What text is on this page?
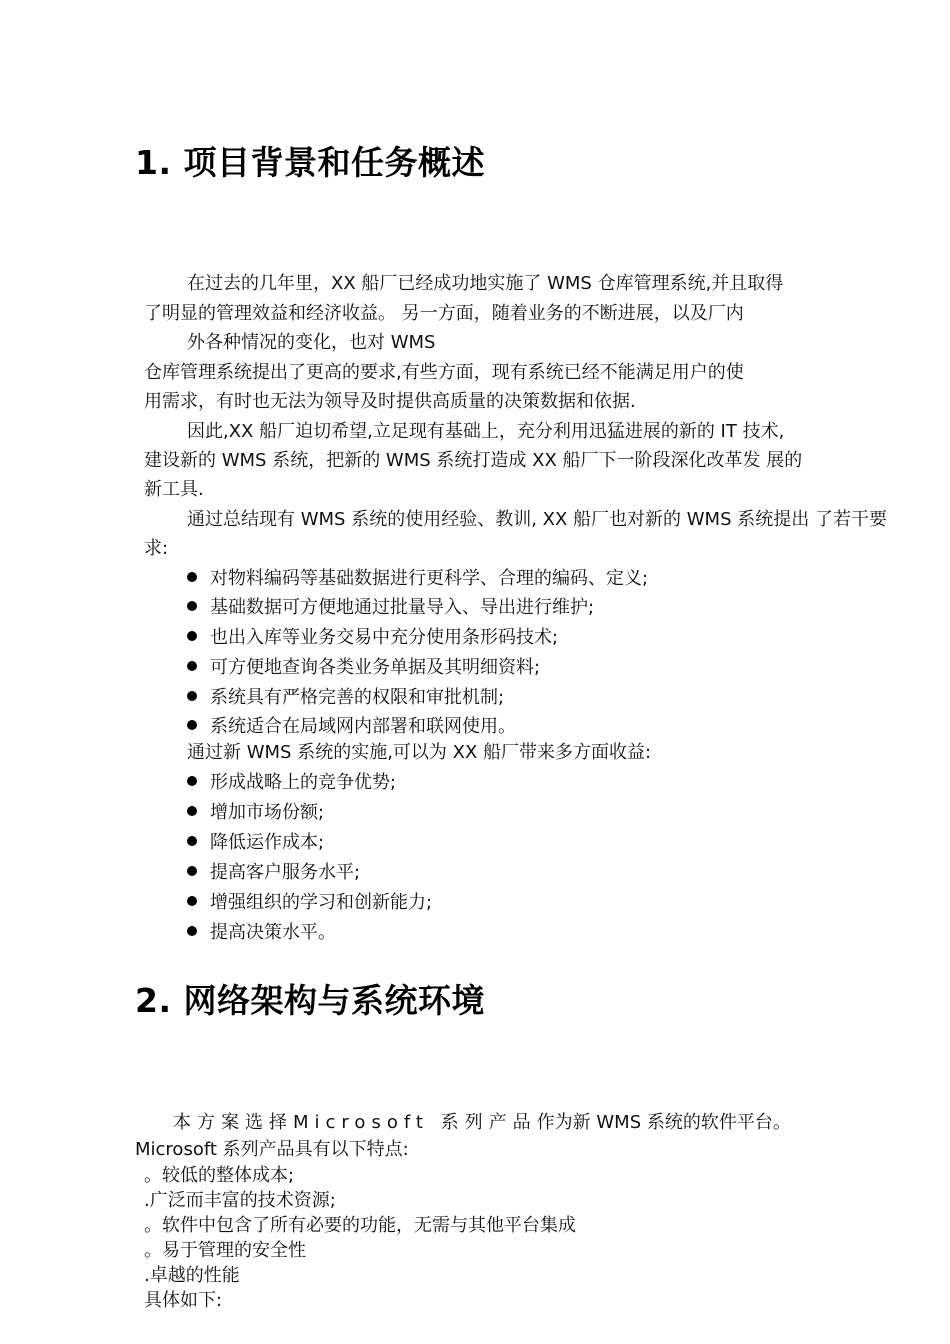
1. 项目背景和任务概述
在过去的几年里，XX 船厂已经成功地实施了 WMS 仓库管理系统,并且取得
了明显的管理效益和经济收益。 另一方面，随着业务的不断进展，以及厂内
外各种情况的变化，也对 WMS
仓库管理系统提出了更高的要求,有些方面，现有系统已经不能满足用户的使
用需求，有时也无法为领导及时提供高质量的决策数据和依据.
因此,XX 船厂迫切希望,立足现有基础上，充分利用迅猛进展的新的 IT 技术,
建设新的 WMS 系统，把新的 WMS 系统打造成 XX 船厂下一阶段深化改革发 展的
新工具.
通过总结现有 WMS 系统的使用经验、教训, XX 船厂也对新的 WMS 系统提出 了若干要
求:
对物料编码等基础数据进行更科学、合理的编码、定义;
基础数据可方便地通过批量导入、导出进行维护;
也出入库等业务交易中充分使用条形码技术;
可方便地查询各类业务单据及其明细资料;
系统具有严格完善的权限和审批机制;
系统适合在局域网内部署和联网使用。
通过新 WMS 系统的实施,可以为 XX 船厂带来多方面收益:
形成战略上的竞争优势;
增加市场份额;
降低运作成本;
提高客户服务水平;
增强组织的学习和创新能力;
提高决策水平。
2. 网络架构与系统环境
本方案选择Microsoft 系列产品作为新 WMS 系统的软件平台。
Microsoft 系列产品具有以下特点:
。较低的整体成本;
.广泛而丰富的技术资源;
。软件中包含了所有必要的功能，无需与其他平台集成
。易于管理的安全性
.卓越的性能
具体如下:
